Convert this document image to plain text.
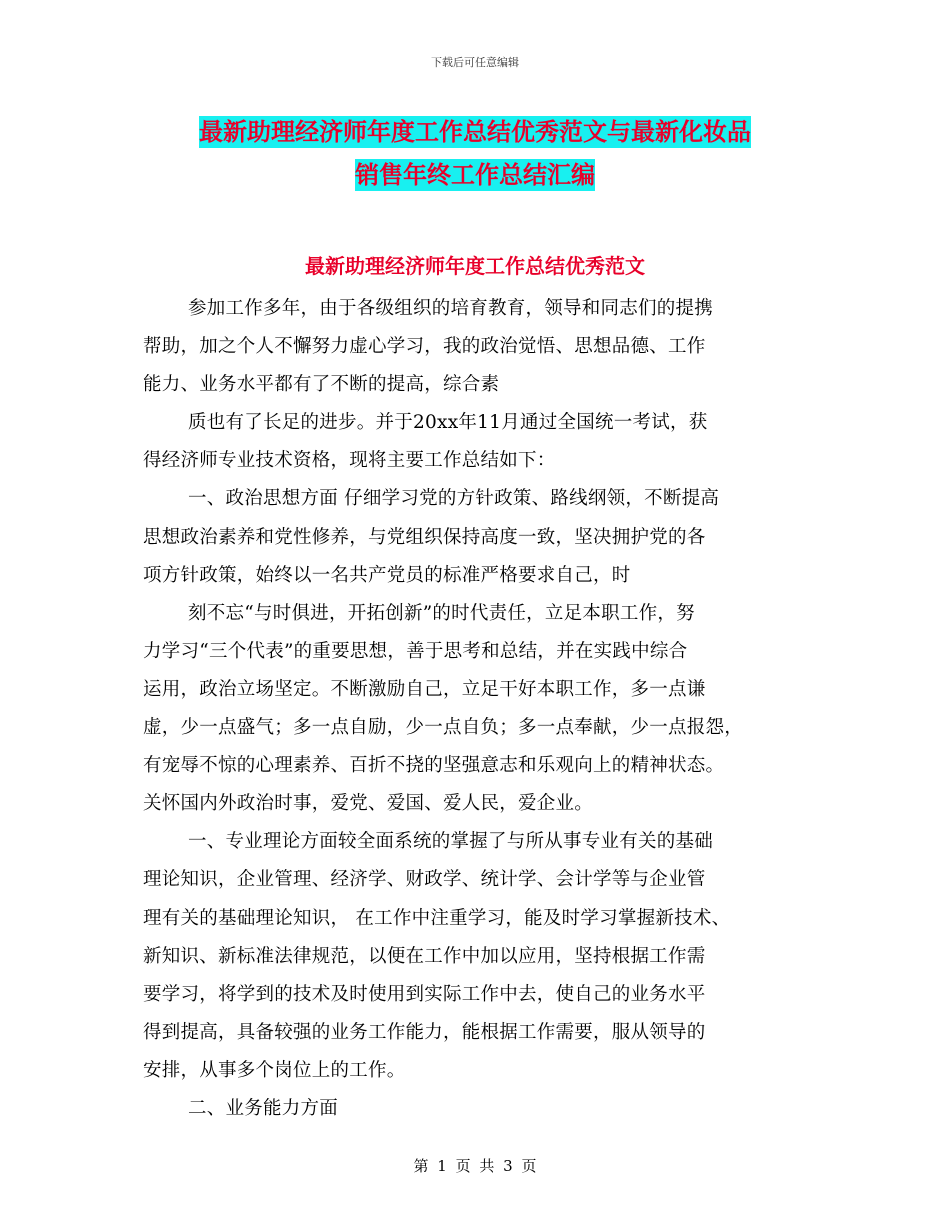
下载后可任意编辑
最新助理经济师年度工作总结优秀范文与最新化妆品
销售年终工作总结汇编
最新助理经济师年度工作总结优秀范文
参加工作多年，由于各级组织的培育教育，领导和同志们的提携
帮助，加之个人不懈努力虚心学习，我的政治觉悟、思想品德、工作
能力、业务水平都有了不断的提高，综合素
质也有了长足的进步。并于20xx年11月通过全国统一考试，获
得经济师专业技术资格，现将主要工作总结如下：
一、政治思想方面 仔细学习党的方针政策、路线纲领，不断提高
思想政治素养和党性修养，与党组织保持高度一致，坚决拥护党的各
项方针政策，始终以一名共产党员的标准严格要求自己，时
刻不忘“与时俱进，开拓创新”的时代责任，立足本职工作，努
力学习“三个代表”的重要思想，善于思考和总结，并在实践中综合
运用，政治立场坚定。不断激励自己，立足干好本职工作，多一点谦
虚，少一点盛气；多一点自励，少一点自负；多一点奉献，少一点报怨，
有宠辱不惊的心理素养、百折不挠的坚强意志和乐观向上的精神状态。
关怀国内外政治时事，爱党、爱国、爱人民，爱企业。
一、专业理论方面较全面系统的掌握了与所从事专业有关的基础
理论知识，企业管理、经济学、财政学、统计学、会计学等与企业管
理有关的基础理论知识， 在工作中注重学习，能及时学习掌握新技术、
新知识、新标准法律规范，以便在工作中加以应用，坚持根据工作需
要学习，将学到的技术及时使用到实际工作中去，使自己的业务水平
得到提高，具备较强的业务工作能力，能根据工作需要，服从领导的
安排，从事多个岗位上的工作。
二、业务能力方面
第 1 页 共 3 页
